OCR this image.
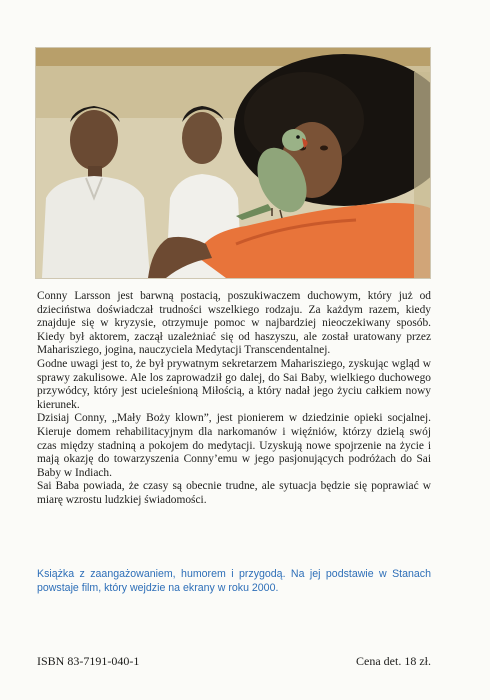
Conny Larsson jest barwną postacią, poszukiwaczem duchowym, który już od dzieciństwa doświadczał trudności wszelkiego rodzaju. Za każdym razem, kiedy znajduje się w kryzysie, otrzymuje pomoc w najbardziej nieoczekiwany sposób. Kiedy był aktorem, zaczął uzależniać się od haszyszu, ale został uratowany przez Maharisziego, jogina, nauczyciela Medytacji Transcendentalnej.

Godne uwagi jest to, że był prywatnym sekretarzem Maharisziego, zyskując wgląd w sprawy zakulisowe. Ale los zaprowadził go dalej, do Sai Baby, wielkiego duchowego przywódcy, który jest ucieleśnioną Miłością, a który nadał jego życiu całkiem nowy kierunek.

Dzisiaj Conny, „Mały Boży klown”, jest pionierem w dziedzinie opieki socjalnej. Kieruje domem rehabilitacyjnym dla narkomanów i więźniów, którzy dzielą swój czas między stadniną a pokojem do medytacji. Uzyskują nowe spojrzenie na życie i mają okazję do towarzyszenia Conny’emu w jego pasjonujących podróżach do Sai Baby w Indiach.

Sai Baba powiada, że czasy są obecnie trudne, ale sytuacja będzie się poprawiać w miarę wzrostu ludzkiej świadomości.

Książka z zaangażowaniem, humorem i przygodą. Na jej podstawie w Stanach powstaje film, który wejdzie na ekrany w roku 2000.
ISBN 83-7191-040-1	Cena det. 18 zł.
